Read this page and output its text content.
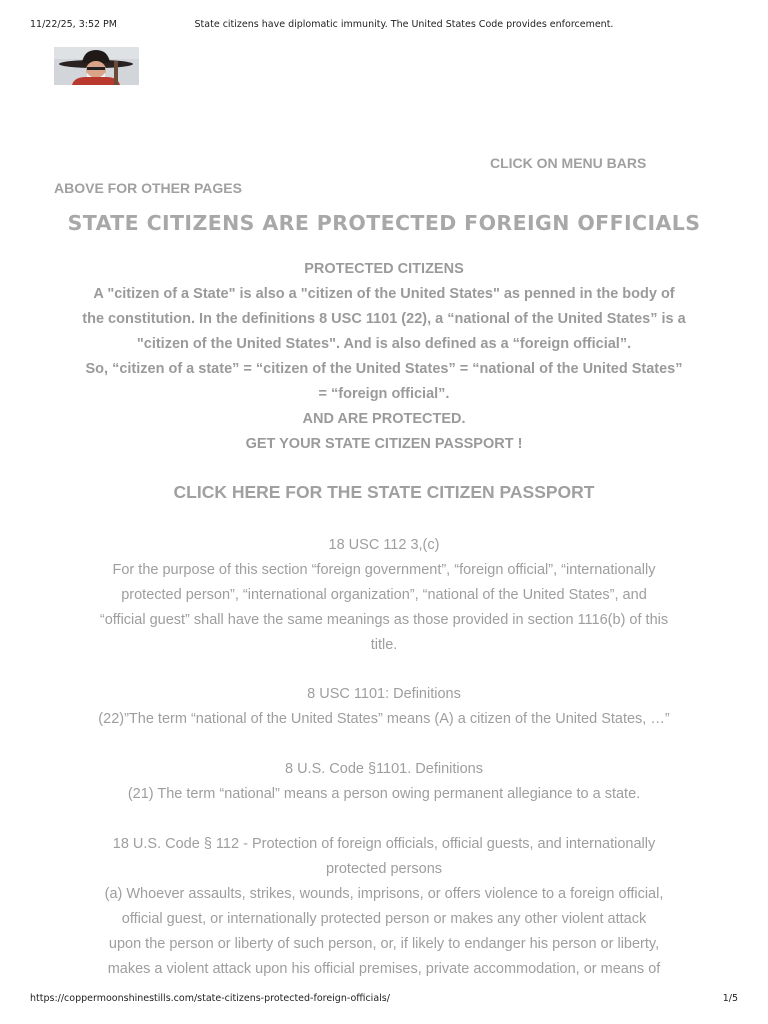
11/22/25, 3:52 PM	State citizens have diplomatic immunity. The United States Code provides enforcement.
CLICK ON MENU BARS
ABOVE FOR OTHER PAGES
STATE CITIZENS ARE PROTECTED FOREIGN OFFICIALS

PROTECTED CITIZENS

A "citizen of a State" is also a "citizen of the United States" as penned in the body of

the constitution. In the definitions 8 USC 1101 (22), a “national of the United States” is a

"citizen of the United States". And is also defined as a “foreign official”.

So, “citizen of a state” = “citizen of the United States” = “national of the United States”

= “foreign official”.

AND ARE PROTECTED.

GET YOUR STATE CITIZEN PASSPORT !

CLICK HERE FOR THE STATE CITIZEN PASSPORT

18 USC 112 3,(c)

For the purpose of this section “foreign government”, “foreign official”, “internationally

protected person”, “international organization”, “national of the United States”, and

“official guest” shall have the same meanings as those provided in section 1116(b) of this

title.

8 USC 1101: Definitions

(22)”The term “national of the United States” means (A) a citizen of the United States, …”

8 U.S. Code §1101. Definitions

(21) The term “national” means a person owing permanent allegiance to a state.

18 U.S. Code § 112 - Protection of foreign officials, official guests, and internationally

protected persons

(a) Whoever assaults, strikes, wounds, imprisons, or offers violence to a foreign official,

official guest, or internationally protected person or makes any other violent attack

upon the person or liberty of such person, or, if likely to endanger his person or liberty,

makes a violent attack upon his official premises, private accommodation, or means of

https://coppermoonshinestills.com/state-citizens-protected-foreign-officials/	1/5
